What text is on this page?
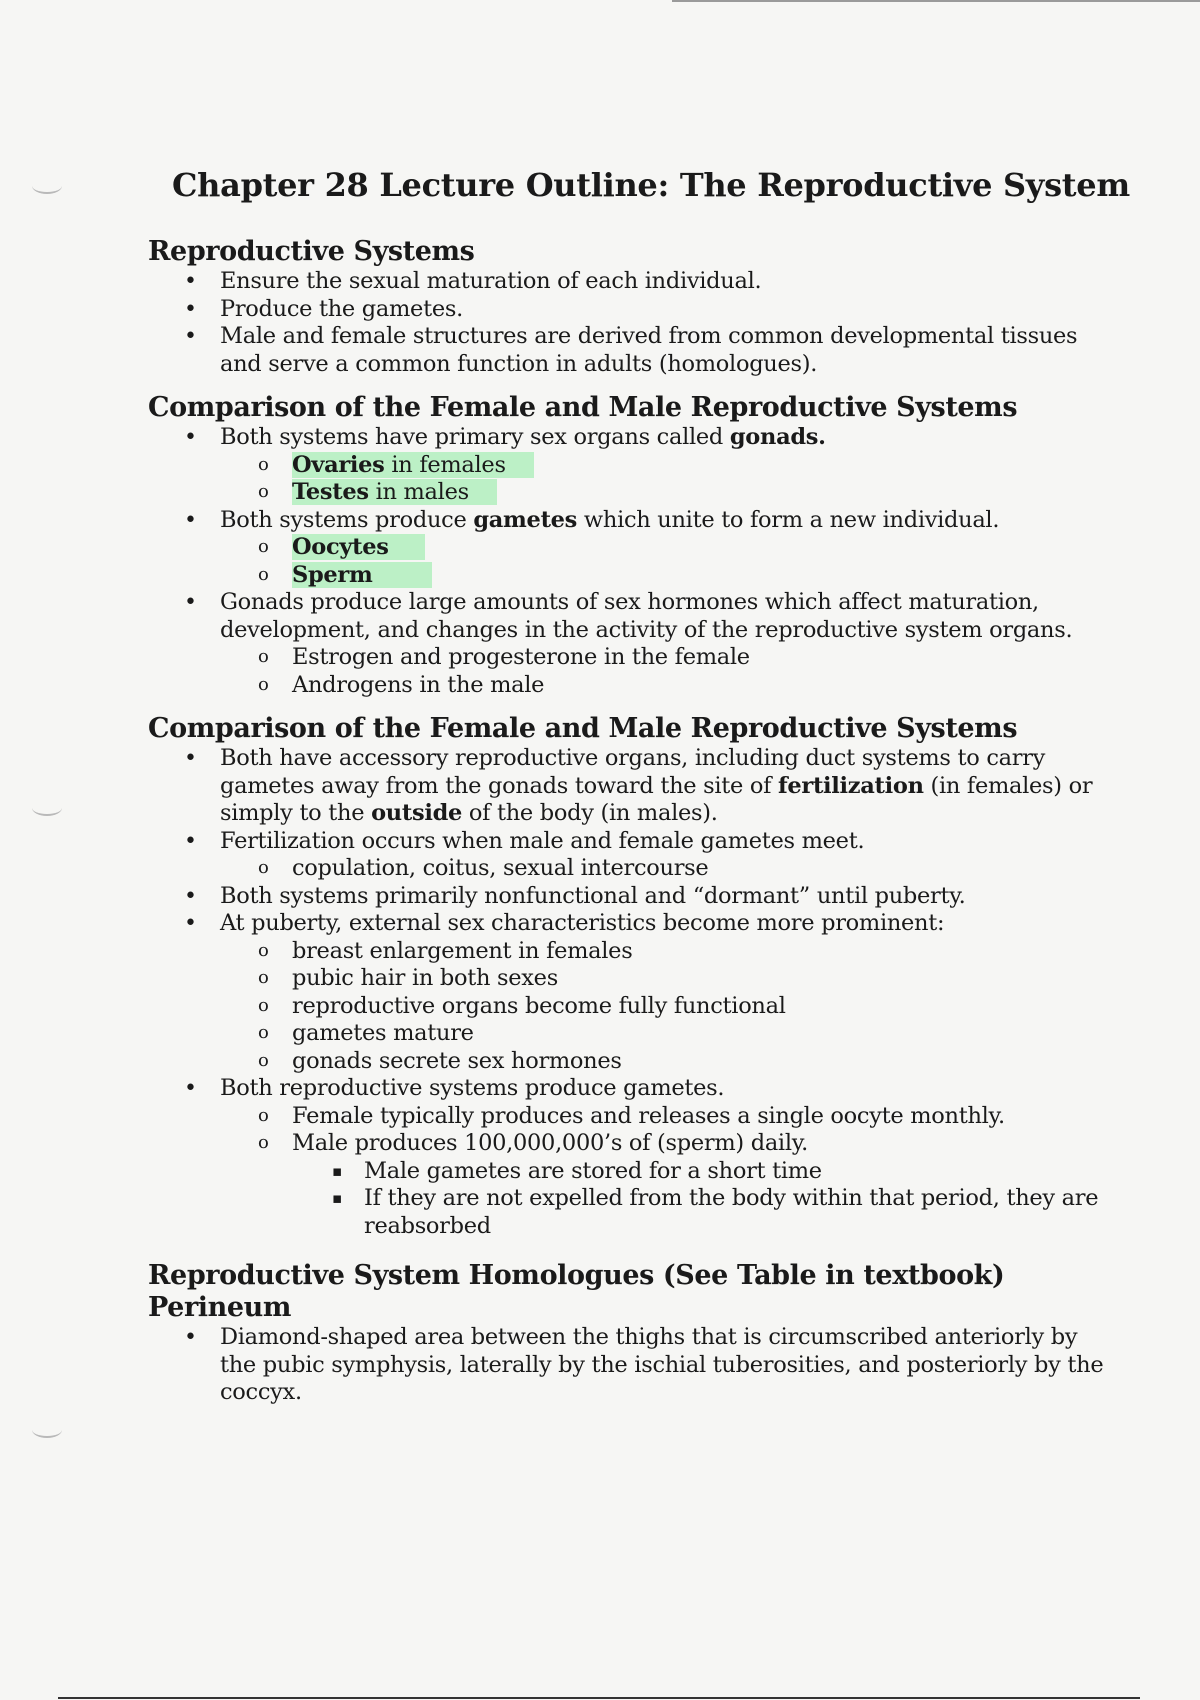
Chapter 28 Lecture Outline: The Reproductive System
Reproductive Systems
• Ensure the sexual maturation of each individual.
• Produce the gametes.
• Male and female structures are derived from common developmental tissues and serve a common function in adults (homologues).
Comparison of the Female and Male Reproductive Systems
• Both systems have primary sex organs called gonads.
o Ovaries in females
o Testes in males
• Both systems produce gametes which unite to form a new individual.
o Oocytes
o Sperm
• Gonads produce large amounts of sex hormones which affect maturation, development, and changes in the activity of the reproductive system organs.
o Estrogen and progesterone in the female
o Androgens in the male
Comparison of the Female and Male Reproductive Systems
• Both have accessory reproductive organs, including duct systems to carry gametes away from the gonads toward the site of fertilization (in females) or simply to the outside of the body (in males).
• Fertilization occurs when male and female gametes meet.
o copulation, coitus, sexual intercourse
• Both systems primarily nonfunctional and “dormant” until puberty.
• At puberty, external sex characteristics become more prominent:
o breast enlargement in females
o pubic hair in both sexes
o reproductive organs become fully functional
o gametes mature
o gonads secrete sex hormones
• Both reproductive systems produce gametes.
o Female typically produces and releases a single oocyte monthly.
o Male produces 100,000,000’s of (sperm) daily.
▪ Male gametes are stored for a short time
▪ If they are not expelled from the body within that period, they are reabsorbed
Reproductive System Homologues (See Table in textbook)
Perineum
• Diamond-shaped area between the thighs that is circumscribed anteriorly by the pubic symphysis, laterally by the ischial tuberosities, and posteriorly by the coccyx.
